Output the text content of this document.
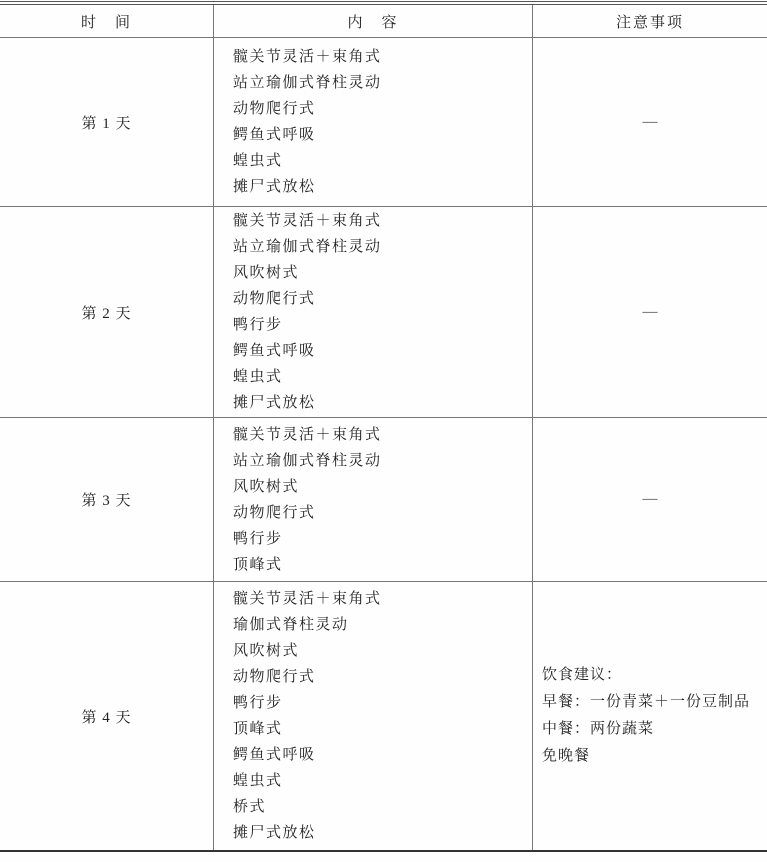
时　间	内　容	注意事项
第 1 天
髋关节灵活＋束角式
站立瑜伽式脊柱灵动
动物爬行式
鳄鱼式呼吸
蝗虫式
摊尸式放松
—
第 2 天
髋关节灵活＋束角式
站立瑜伽式脊柱灵动
风吹树式
动物爬行式
鸭行步
鳄鱼式呼吸
蝗虫式
摊尸式放松
—
第 3 天
髋关节灵活＋束角式
站立瑜伽式脊柱灵动
风吹树式
动物爬行式
鸭行步
顶峰式
—
第 4 天
髋关节灵活＋束角式
瑜伽式脊柱灵动
风吹树式
动物爬行式
鸭行步
顶峰式
鳄鱼式呼吸
蝗虫式
桥式
摊尸式放松
饮食建议：
早餐：一份青菜＋一份豆制品
中餐：两份蔬菜
免晚餐
